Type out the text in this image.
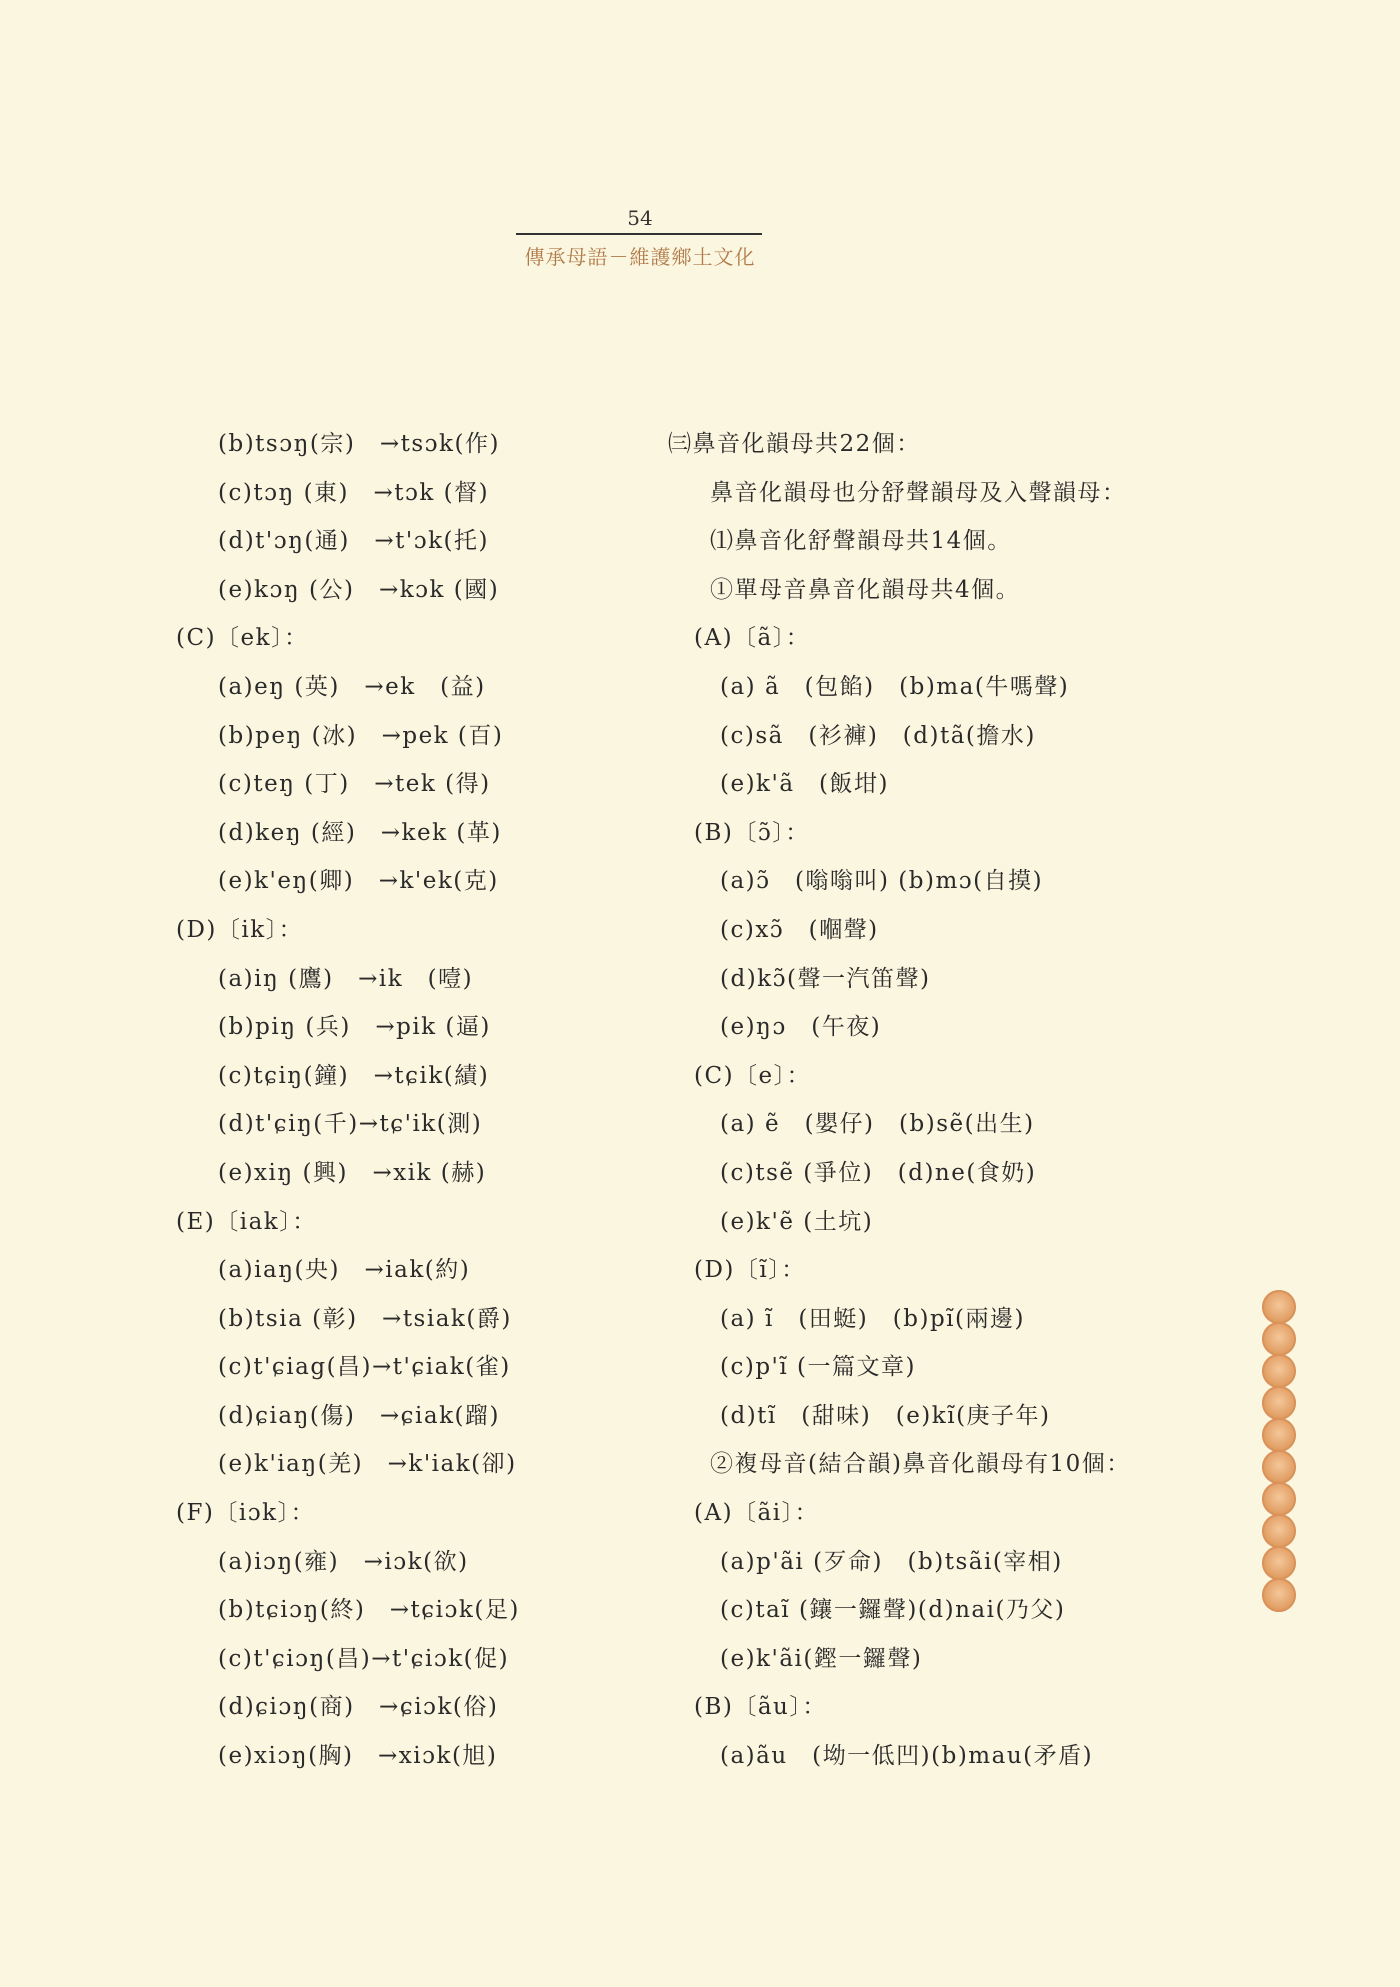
54
傳承母語－維護鄉土文化
(b)tsɔŋ(宗)　→tsɔk(作)
(c)tɔŋ (東)　→tɔk (督)
(d)t'ɔŋ(通)　→t'ɔk(托)
(e)kɔŋ (公)　→kɔk (國)
(C)〔ek〕：
(a)eŋ (英)　→ek　(益)
(b)peŋ (冰)　→pek (百)
(c)teŋ (丁)　→tek (得)
(d)keŋ (經)　→kek (革)
(e)k'eŋ(卿)　→k'ek(克)
(D)〔ik〕：
(a)iŋ (鷹)　→ik　(噎)
(b)piŋ (兵)　→pik (逼)
(c)tɕiŋ(鐘)　→tɕik(績)
(d)t'ɕiŋ(千)→tɕ'ik(測)
(e)xiŋ (興)　→xik (赫)
(E)〔iak〕：
(a)iaŋ(央)　→iak(約)
(b)tsia (彰)　→tsiak(爵)
(c)t'ɕiag(昌)→t'ɕiak(雀)
(d)ɕiaŋ(傷)　→ɕiak(蹓)
(e)k'iaŋ(羌)　→k'iak(卻)
(F)〔iɔk〕：
(a)iɔŋ(雍)　→iɔk(欲)
(b)tɕiɔŋ(終)　→tɕiɔk(足)
(c)t'ɕiɔŋ(昌)→t'ɕiɔk(促)
(d)ɕiɔŋ(商)　→ɕiɔk(俗)
(e)xiɔŋ(胸)　→xiɔk(旭)
㈢鼻音化韻母共22個：
鼻音化韻母也分舒聲韻母及入聲韻母：
⑴鼻音化舒聲韻母共14個。
①單母音鼻音化韻母共4個。
(A)〔ã〕：
(a) ã　(包餡)　(b)ma(牛嗎聲)
(c)sã　(衫褲)　(d)tã(擔水)
(e)k'ã　(飯坩)
(B)〔ɔ̃〕：
(a)ɔ̃　(嗡嗡叫) (b)mɔ(自摸)
(c)xɔ̃　(嗰聲)
(d)kɔ̃(聲一汽笛聲)
(e)ŋɔ　(午夜)
(C)〔e〕：
(a) ẽ　(嬰仔)　(b)sẽ(出生)
(c)tsẽ (爭位)　(d)ne(食奶)
(e)k'ẽ (土坑)
(D)〔ĩ〕：
(a) ĩ　(田蜓)　(b)pĩ(兩邊)
(c)p'ĩ (一篇文章)
(d)tĩ　(甜味)　(e)kĩ(庚子年)
②複母音(結合韻)鼻音化韻母有10個：
(A)〔ãi〕：
(a)p'ãi (歹命)　(b)tsãi(宰相)
(c)taĩ (鑲一鑼聲)(d)nai(乃父)
(e)k'ãi(鏗一鑼聲)
(B)〔ãu〕：
(a)ãu　(坳一低凹)(b)mau(矛盾)
